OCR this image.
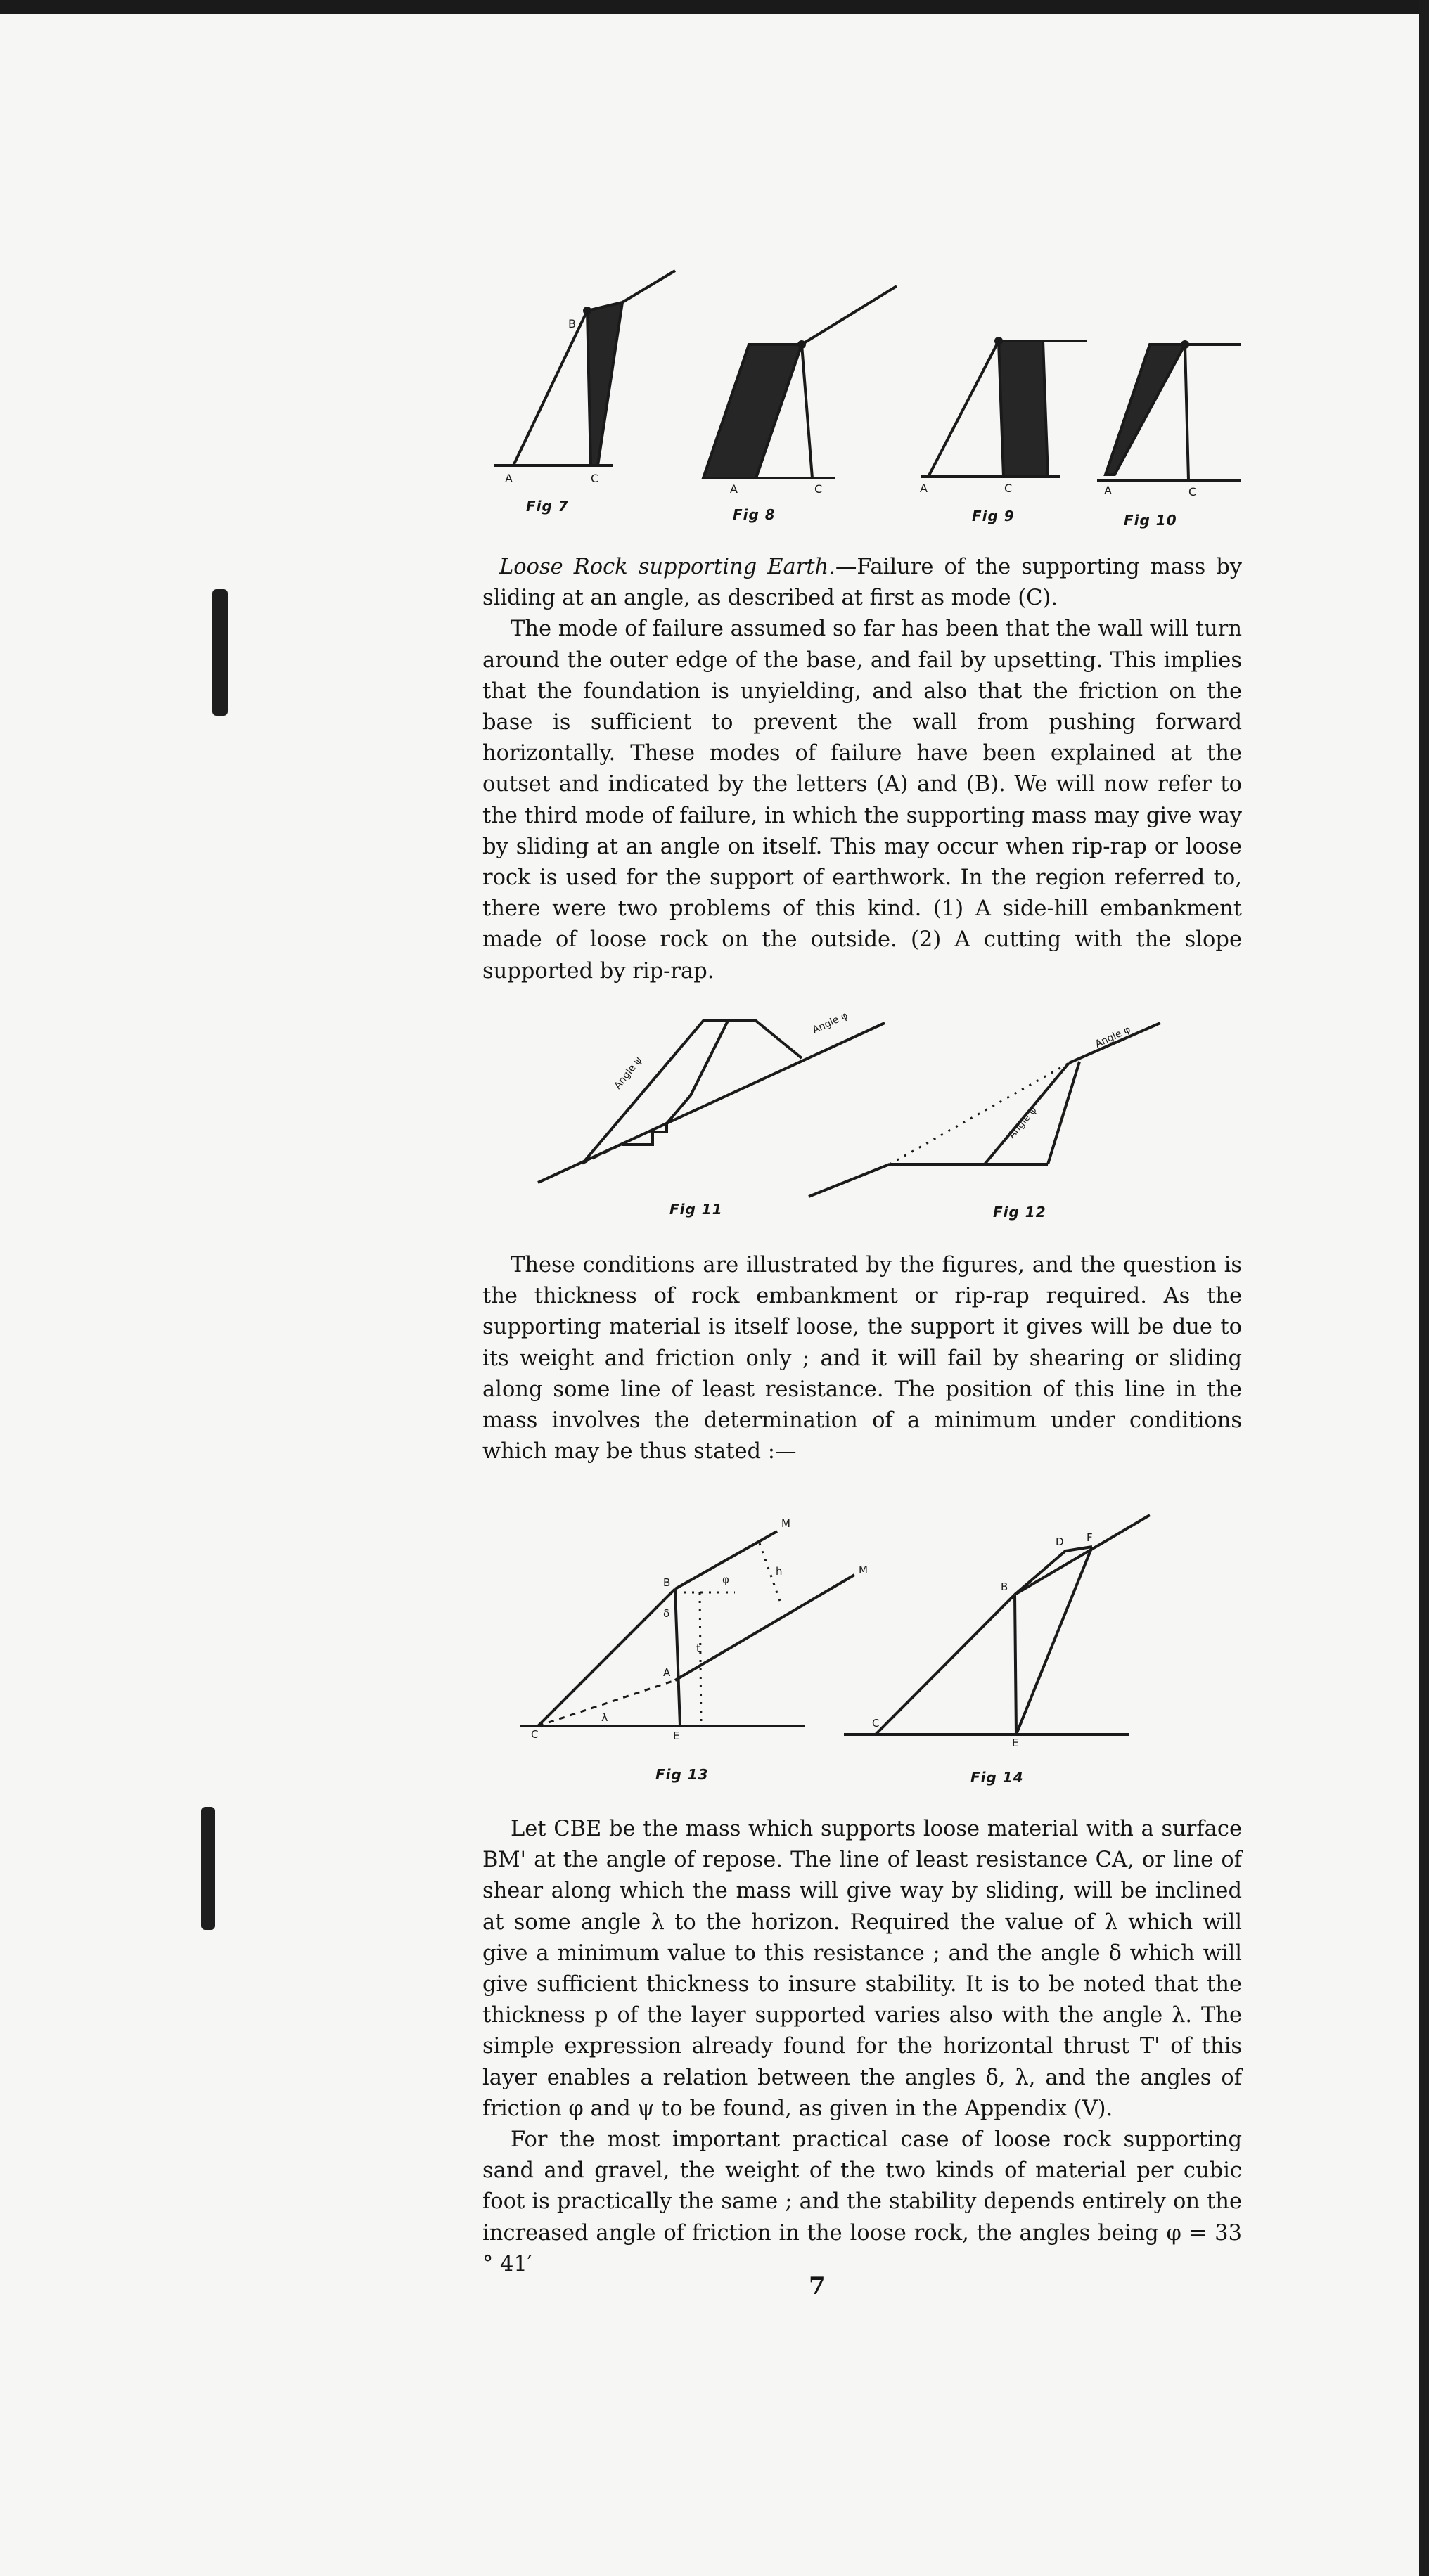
B
A	C
Fig 7
A	C
Fig 8
A	C
Fig 9
A	C
Fig 10

Loose Rock supporting Earth.—Failure of the supporting mass by sliding at an angle, as described at first as mode (C).

The mode of failure assumed so far has been that the wall will turn around the outer edge of the base, and fail by upsetting. This implies that the foundation is unyielding, and also that the friction on the base is sufficient to prevent the wall from pushing forward horizontally. These modes of failure have been explained at the outset and indicated by the letters (A) and (B). We will now refer to the third mode of failure, in which the supporting mass may give way by sliding at an angle on itself. This may occur when rip-rap or loose rock is used for the support of earthwork. In the region referred to, there were two problems of this kind. (1) A side-hill embankment made of loose rock on the outside. (2) A cutting with the slope supported by rip-rap.

Angle ψ
Angle φ
Fig 11
Angle φ
Angle ψ
Fig 12

These conditions are illustrated by the figures, and the question is the thickness of rock embankment or rip-rap required. As the supporting material is itself loose, the support it gives will be due to its weight and friction only ; and it will fail by shearing or sliding along some line of least resistance. The position of this line in the mass involves the determination of a minimum under conditions which may be thus stated :—

M
M
B
A
C	E
φ
h
δ
λ
t
Fig 13
D F
B
C
E
Fig 14

Let CBE be the mass which supports loose material with a surface BM' at the angle of repose. The line of least resistance CA, or line of shear along which the mass will give way by sliding, will be inclined at some angle λ to the horizon. Required the value of λ which will give a minimum value to this resistance ; and the angle δ which will give sufficient thickness to insure stability. It is to be noted that the thickness p of the layer supported varies also with the angle λ. The simple expression already found for the horizontal thrust T' of this layer enables a relation between the angles δ, λ, and the angles of friction φ and ψ to be found, as given in the Appendix (V).

For the most important practical case of loose rock supporting sand and gravel, the weight of the two kinds of material per cubic foot is practically the same ; and the stability depends entirely on the increased angle of friction in the loose rock, the angles being φ = 33 ° 41′

7
